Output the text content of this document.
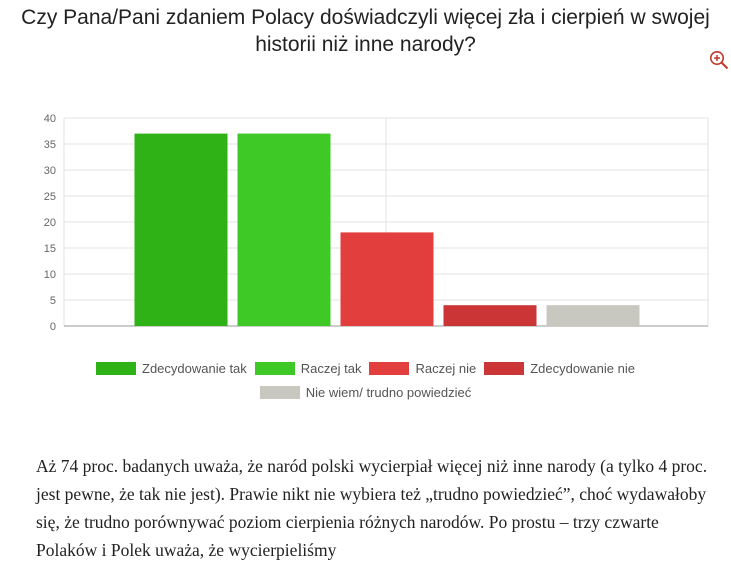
Czy Pana/Pani zdaniem Polacy doświadczyli więcej zła i cierpień w swojej historii niż inne narody?
0
5
10
15
20
25
30
35
40
Zdecydowanie tak	Raczej tak	Raczej nie	Zdecydowanie nie
Nie wiem/ trudno powiedzieć

Aż 74 proc. badanych uważa, że naród polski wycierpiał więcej niż inne narody (a tylko 4 proc. jest pewne, że tak nie jest). Prawie nikt nie wybiera też „trudno powiedzieć”, choć wydawałoby się, że trudno porównywać poziom cierpienia różnych narodów. Po prostu – trzy czwarte Polaków i Polek uważa, że wycierpieliśmy
